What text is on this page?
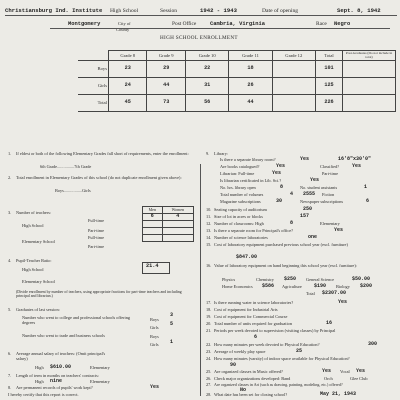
Christiansburg Ind. Institute High School	Session	1942 - 1943	Date of opening	Sept. 8, 1942
Montgomery	City of
County
Post Office	Cambria, Virginia	Race Negro
HIGH SCHOOL ENROLLMENT
	Grade 8	Grade 9	Grade 10	Grade 11	Grade 12	Total	Post-Graduates (Do not include in total)
Boys	23	29	22	18		101	
Girls	24	44	31	26		125	
Total	45	73	56	44		226	
1. If eldest or both of the following Elementary Grades fall short of requirements, enter the enrollment:
6th Grade................7th Grade
2. Total enrollment in Elementary Grades of this school (do not duplicate enrollment given above):
Boys.................Girls
3. Number of teachers:
High School
Full-time
Part-time
Elementary School
Full-time
Part-time
Men	Women
6	4

4. Pupil-Teacher Ratio:
High School
21.4
Elementary School
(Divide enrollment by number of teachers, using appropriate fractions for part-time teachers and including principal and librarian.)
5. Graduates of last session:
Number who went to college and professional schools offering degrees
Boys
3
Girls
5
Number who went to trade and business schools	Boys
Girls 1
6. Average annual salary of teachers: (Omit principal's salary)
High $610.00	Elementary
7. Length of term in months on teachers' contracts:
High nine	Elementary
8. Are permanent records of pupils' work kept?	Yes
I hereby certify that this report is correct.
9. Library:
Is there a separate library room?	Yes	16'8"x30'0"
Are books catalogued?	Yes	Classified?	Yes
Librarian: Full-time	Yes	Part-time
Is librarian certificated in Lib. Sci.?	Yes
No. hrs. library open	8	No. student assistants	1
Total number of volumes	4 2555 Fiction
Magazine subscriptions	30	Newspaper subscriptions	6
10. Seating capacity of auditorium	250
11. Size of lot in acres or blocks	157
12. Number of classrooms: High	8	Elementary
13. Is there a separate room for Principal's office?	Yes
14. Number of science laboratories	one
15. Cost of laboratory equipment purchased previous school year (excl. furniture)
$847.00
16. Value of laboratory equipment on hand beginning this school year (excl. furniture):
Physics	Chemistry $250 General Science	$50.00
Home Economics $586 Agriculture $190 Biology $200
Total $2307.00
17. Is there running water in science laboratories?	Yes
18. Cost of equipment for Industrial Arts
19. Cost of equipment for Commercial Course
20. Total number of units required for graduation	16
21. Periods per week devoted to supervision (visiting classes) by Principal
6
22. How many minutes per week devoted to Physical Education?	300
23. Average of weekly play space	25
24. How many minutes (varsity) of indoor space available for Physical Education?
90
25. Are organized classes in Music offered?	Yes Vocal Yes
26. Check major organizations developed: Band	Orch	Glee Club
27. Are organized classes in Art (such as drawing, painting, modeling, etc.) offered?
No
28. What date has been set for closing school?	May 21, 1943
